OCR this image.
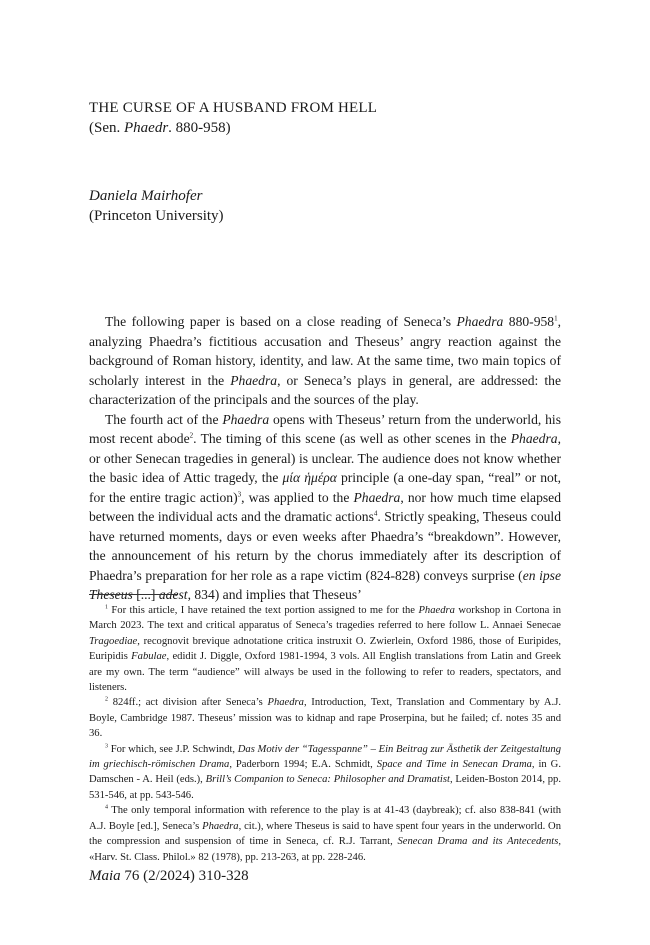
THE CURSE OF A HUSBAND FROM HELL

(Sen. Phaedr. 880-958)

Daniela Mairhofer

(Princeton University)

The following paper is based on a close reading of Seneca’s Phaedra $880-958^1$, analyzing Phaedra’s fictitious accusation and Theseus’ angry reaction against the background of Roman history, identity, and law. At the same time, two main topics of scholarly interest in the Phaedra, or Seneca’s plays in general, are addressed: the characterization of the principals and the sources of the play.

The fourth act of the Phaedra opens with Theseus’ return from the underworld, his most recent abode$^2$. The timing of this scene (as well as other scenes in the Phaedra, or other Senecan tragedies in general) is unclear. The audience does not know whether the basic idea of Attic tragedy, the μία ἡμέρα principle (a one-day span, “real” or not, for the entire tragic action)$^3$, was applied to the Phaedra, nor how much time elapsed between the individual acts and the dramatic actions$^4$. Strictly speaking, Theseus could have returned moments, days or even weeks after Phaedra’s “breakdown”. However, the announcement of his return by the chorus immediately after its description of Phaedra’s preparation for her role as a rape victim (824-828) conveys surprise (en ipse Theseus [...] adest, 834) and implies that Theseus’

$^1$ For this article, I have retained the text portion assigned to me for the Phaedra workshop in Cortona in March 2023. The text and critical apparatus of Seneca’s tragedies referred to here follow L. Annaei Senecae Tragoediae, recognovit brevique adnotatione critica instruxit O. Zwierlein, Oxford 1986, those of Euripides, Euripidis Fabulae, edidit J. Diggle, Oxford 1981-1994, 3 vols. All English translations from Latin and Greek are my own. The term “audience” will always be used in the following to refer to readers, spectators, and listeners.

$^2$ 824ff.; act division after Seneca’s Phaedra, Introduction, Text, Translation and Commentary by A.J. Boyle, Cambridge 1987. Theseus’ mission was to kidnap and rape Proserpina, but he failed; cf. notes 35 and 36.

$^3$ For which, see J.P. Schwindt, Das Motiv der “Tagesspanne” – Ein Beitrag zur Ästhetik der Zeitgestaltung im griechisch-römischen Drama, Paderborn 1994; E.A. Schmidt, Space and Time in Senecan Drama, in G. Damschen - A. Heil (eds.), Brill’s Companion to Seneca: Philosopher and Dramatist, Leiden-Boston 2014, pp. 531-546, at pp. 543-546.

$^4$ The only temporal information with reference to the play is at 41-43 (daybreak); cf. also 838-841 (with A.J. Boyle [ed.], Seneca’s Phaedra, cit.), where Theseus is said to have spent four years in the underworld. On the compression and suspension of time in Seneca, cf. R.J. Tarrant, Senecan Drama and its Antecedents, «Harv. St. Class. Philol.» 82 (1978), pp. 213-263, at pp. 228-246.

Maia 76 (2/2024) 310-328
